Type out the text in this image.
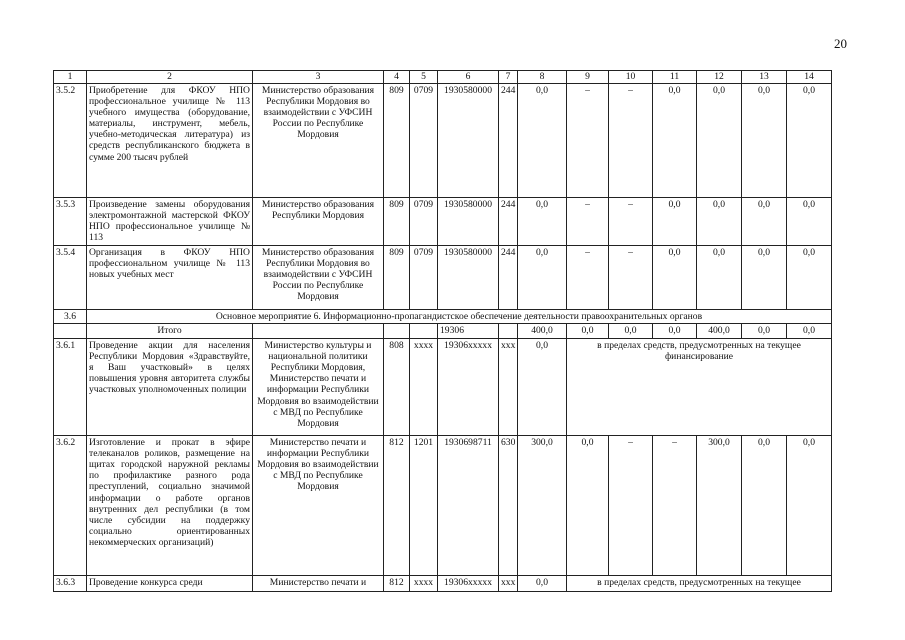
20
1	2	3	4	5	6	7	8	9	10	11	12	13	14
3.5.2	Приобретение для ФКОУ НПО профессиональное училище № 113 учебного имущества (оборудование, материалы, инструмент, мебель, учебно-методическая литература) из средств республиканского бюджета в сумме 200 тысяч рублей	Министерство образования Республики Мордовия во взаимодействии с УФСИН России по Республике Мордовия	809	0709	1930580000	244	0,0	–	–	0,0	0,0	0,0	0,0
3.5.3	Произведение замены оборудования электромонтажной мастерской ФКОУ НПО профессиональное училище № 113	Министерство образования Республики Мордовия	809	0709	1930580000	244	0,0	–	–	0,0	0,0	0,0	0,0
3.5.4	Организация в ФКОУ НПО профессиональном училище № 113 новых учебных мест	Министерство образования Республики Мордовия во взаимодействии с УФСИН России по Республике Мордовия	809	0709	1930580000	244	0,0	–	–	0,0	0,0	0,0	0,0
3.6	Основное мероприятие 6. Информационно-пропагандистское обеспечение деятельности правоохранительных органов												
	Итого				19306		400,0	0,0	0,0	0,0	400,0	0,0	0,0
3.6.1	Проведение акции для населения Республики Мордовия «Здравствуйте, я Ваш участковый» в целях повышения уровня авторитета службы участковых уполномоченных полиции	Министерство культуры и национальной политики Республики Мордовия, Министерство печати и информации Республики Мордовия во взаимодействии с МВД по Республике Мордовия	808	хххх	19306ххххх	ххх	0,0	в пределах средств, предусмотренных на текущее финансирование					
3.6.2	Изготовление и прокат в эфире телеканалов роликов, размещение на щитах городской наружной рекламы по профилактике разного рода преступлений, социально значимой информации о работе органов внутренних дел республики (в том числе субсидии на поддержку социально ориентированных некоммерческих организаций)	Министерство печати и информации Республики Мордовия во взаимодействии с МВД по Республике Мордовия	812	1201	1930698711	630	300,0	0,0	–	–	300,0	0,0	0,0
3.6.3	Проведение конкурса среди	Министерство печати и	812	хххх	19306ххххх	ххх	0,0	в пределах средств, предусмотренных на текущее					
